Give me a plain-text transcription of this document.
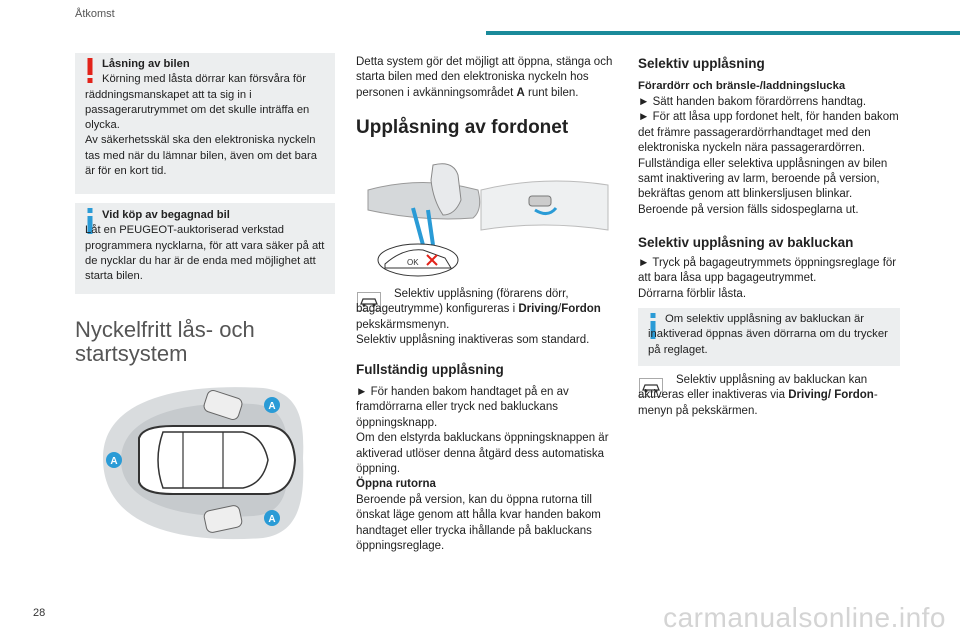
Åtkomst
Låsning av bilen
Körning med låsta dörrar kan försvåra för räddningsmanskapet att ta sig in i passagerarutrymmet om det skulle inträffa en olycka.
Av säkerhetsskäl ska den elektroniska nyckeln tas med när du lämnar bilen, även om det bara är för en kort tid.
Vid köp av begagnad bil
Låt en PEUGEOT-auktoriserad verkstad programmera nycklarna, för att vara säker på att de nycklar du har är de enda med möjlighet att starta bilen.
Nyckelfritt lås- och startsystem
A
A
A
Detta system gör det möjligt att öppna, stänga och starta bilen med den elektroniska nyckeln hos personen i avkänningsområdet A runt bilen.
Upplåsning av fordonet
OK
Selektiv upplåsning (förarens dörr, bagageutrymme) konfigureras i Driving/Fordon pekskärmsmenyn.

Selektiv upplåsning inaktiveras som standard.

Fullständig upplåsning

► För handen bakom handtaget på en av framdörrarna eller tryck ned bakluckans öppningsknapp.

Om den elstyrda bakluckans öppningsknappen är aktiverad utlöser denna åtgärd dess automatiska öppning.

Öppna rutorna

Beroende på version, kan du öppna rutorna till önskat läge genom att hålla kvar handen bakom handtaget eller trycka ihållande på bakluckans öppningsreglage.

Selektiv upplåsning
Förardörr och bränsle-/laddningslucka

► Sätt handen bakom förardörrens handtag.

► För att låsa upp fordonet helt, för handen bakom det främre passagerardörrhandtaget med den elektroniska nyckeln nära passagerardörren.

Fullständiga eller selektiva upplåsningen av bilen samt inaktivering av larm, beroende på version, bekräftas genom att blinkersljusen blinkar.

Beroende på version fälls sidospeglarna ut.

Selektiv upplåsning av bakluckan

► Tryck på bagageutrymmets öppningsreglage för att bara låsa upp bagageutrymmet.

Dörrarna förblir låsta.

Om selektiv upplåsning av bakluckan är inaktiverad öppnas även dörrarna om du trycker på reglaget.
Selektiv upplåsning av bakluckan kan aktiveras eller inaktiveras via Driving/ Fordon-menyn på pekskärmen.
28	carmanualsonline.info
